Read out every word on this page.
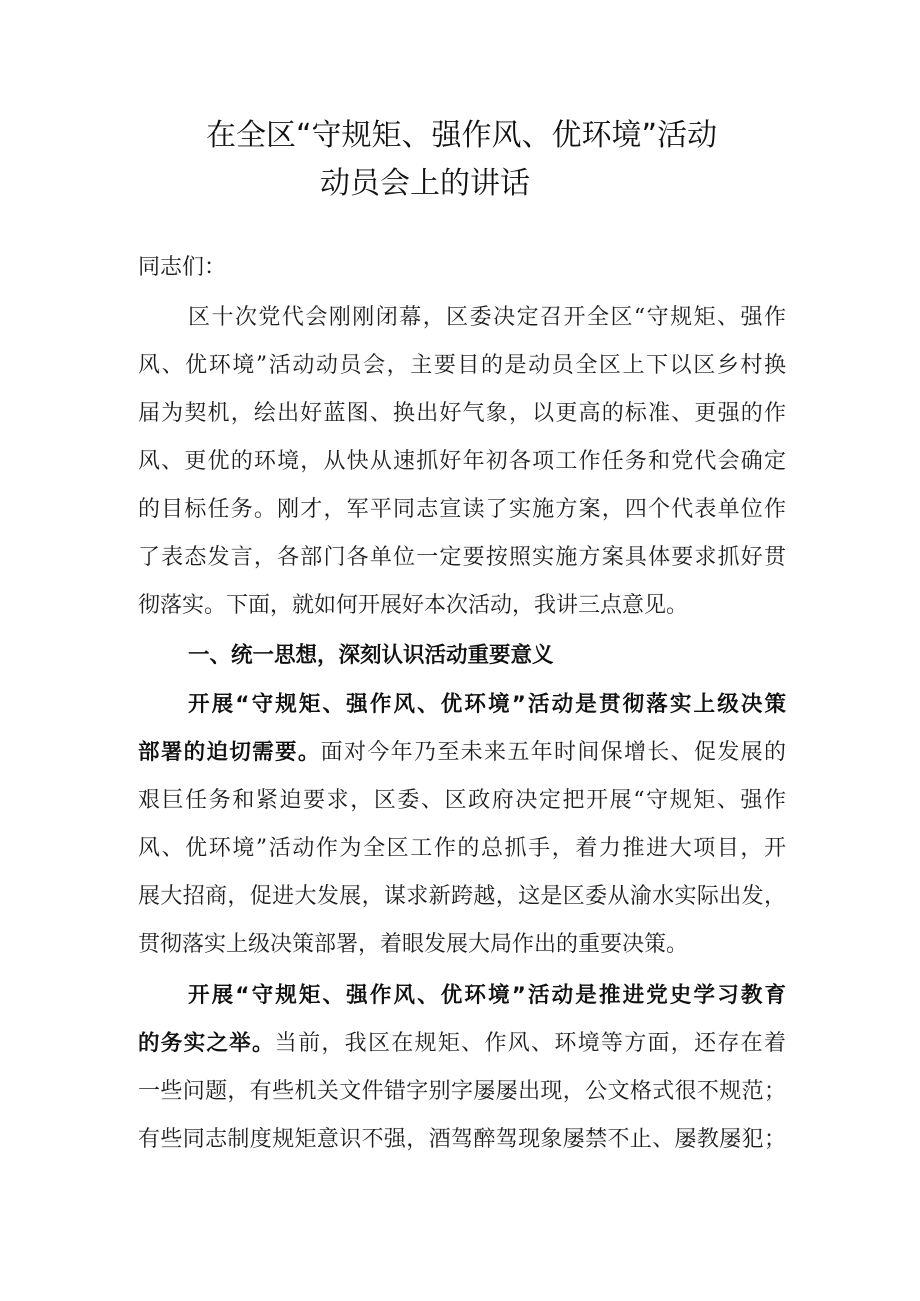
在全区“守规矩、强作风、优环境”活动
动员会上的讲话
同志们：
区十次党代会刚刚闭幕，区委决定召开全区“守规矩、强作
风、优环境”活动动员会，主要目的是动员全区上下以区乡村换
届为契机，绘出好蓝图、换出好气象，以更高的标准、更强的作
风、更优的环境，从快从速抓好年初各项工作任务和党代会确定
的目标任务。刚才，军平同志宣读了实施方案，四个代表单位作
了表态发言，各部门各单位一定要按照实施方案具体要求抓好贯
彻落实。下面，就如何开展好本次活动，我讲三点意见。
一、统一思想，深刻认识活动重要意义
开展“守规矩、强作风、优环境”活动是贯彻落实上级决策
部署的迫切需要。面对今年乃至未来五年时间保增长、促发展的
艰巨任务和紧迫要求，区委、区政府决定把开展“守规矩、强作
风、优环境”活动作为全区工作的总抓手，着力推进大项目，开
展大招商，促进大发展，谋求新跨越，这是区委从渝水实际出发，
贯彻落实上级决策部署，着眼发展大局作出的重要决策。
开展“守规矩、强作风、优环境”活动是推进党史学习教育
的务实之举。当前，我区在规矩、作风、环境等方面，还存在着
一些问题，有些机关文件错字别字屡屡出现，公文格式很不规范；
有些同志制度规矩意识不强，酒驾醉驾现象屡禁不止、屡教屡犯；
